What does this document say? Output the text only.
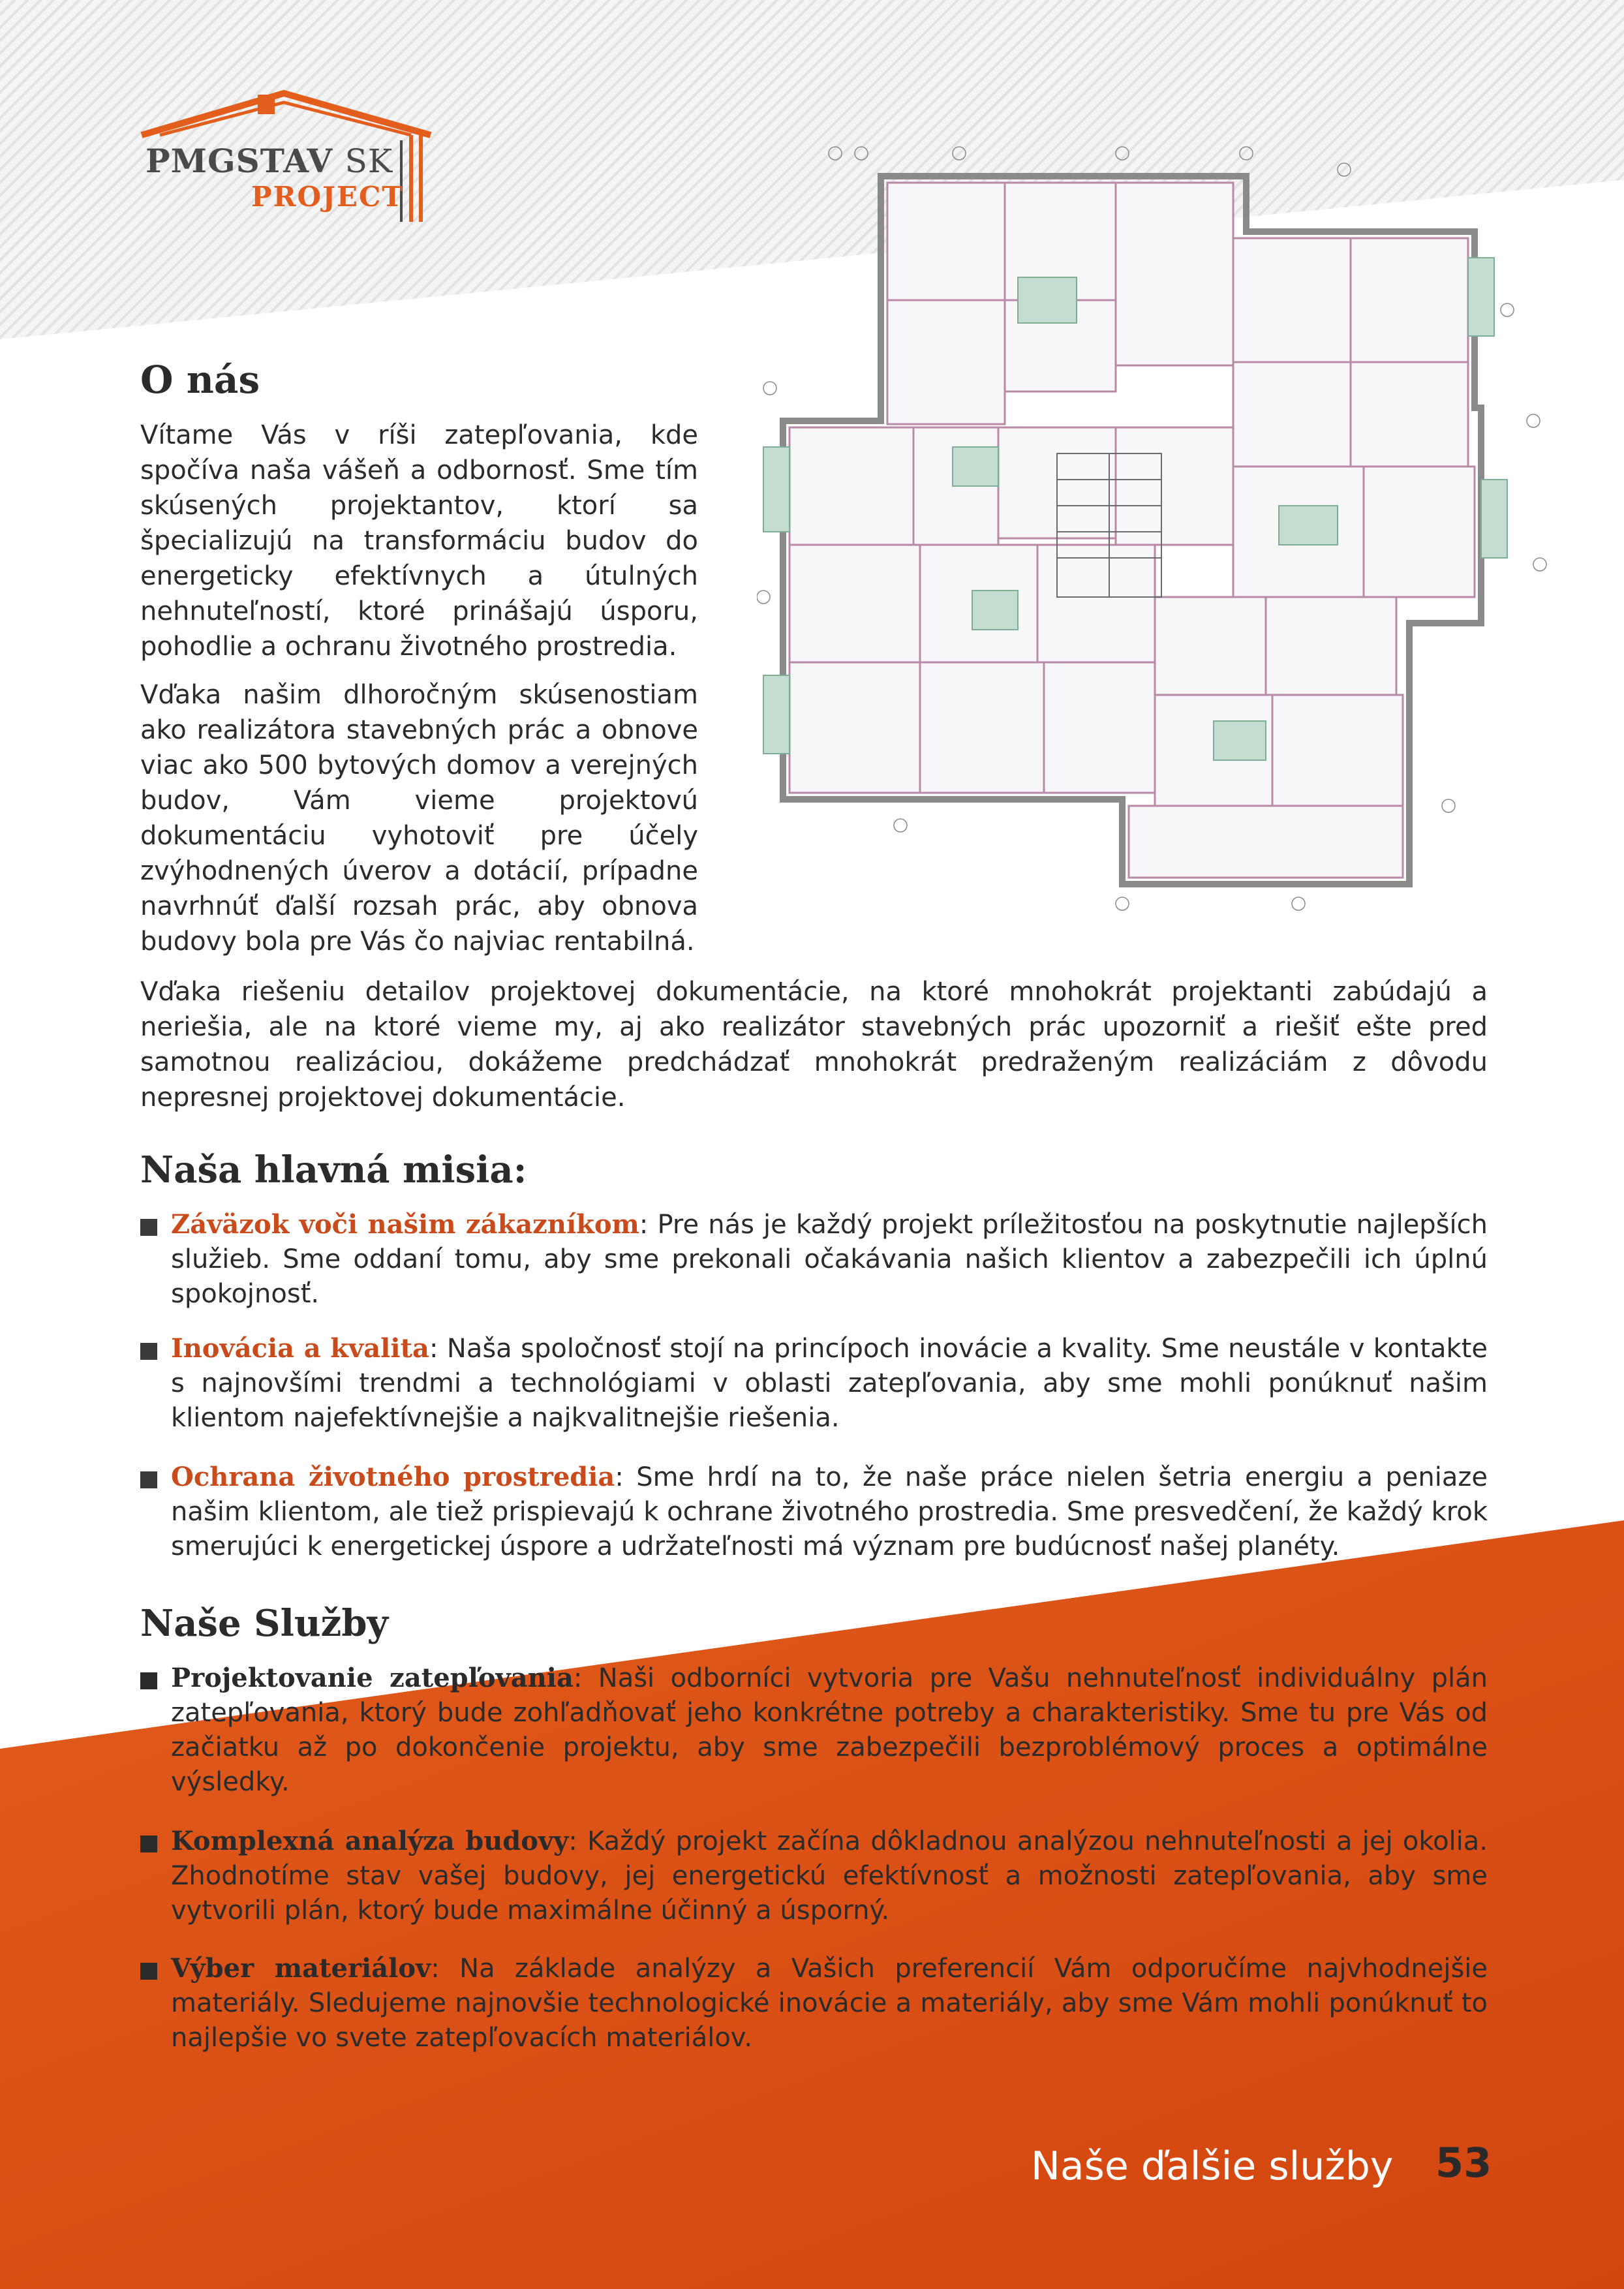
PMGSTAV SK
PROJECT
O nás

Vítame Vás v ríši zatepľovania, kde spočíva naša vášeň a odbornosť. Sme tím skúsených projektantov, ktorí sa špecializujú na transformáciu budov do energeticky efektívnych a útulných nehnuteľností, ktoré prinášajú úsporu, pohodlie a ochranu životného prostredia.

Vďaka našim dlhoročným skúsenostiam ako realizátora stavebných prác a obnove viac ako 500 bytových domov a verejných budov, Vám vieme projektovú dokumentáciu vyhotoviť pre účely zvýhodnených úverov a dotácií, prípadne navrhnúť ďalší rozsah prác, aby obnova budovy bola pre Vás čo najviac rentabilná.

Vďaka riešeniu detailov projektovej dokumentácie, na ktoré mnohokrát projektanti zabúdajú a neriešia, ale na ktoré vieme my, aj ako realizátor stavebných prác upozorniť a riešiť ešte pred samotnou realizáciou, dokážeme predchádzať mnohokrát predraženým realizáciám z dôvodu nepresnej projektovej dokumentácie.

Naša hlavná misia:
Záväzok voči našim zákazníkom: Pre nás je každý projekt príležitosťou na poskytnutie najlepších služieb. Sme oddaní tomu, aby sme prekonali očakávania našich klientov a zabezpečili ich úplnú spokojnosť.
Inovácia a kvalita: Naša spoločnosť stojí na princípoch inovácie a kvality. Sme neustále v kontakte s najnovšími trendmi a technológiami v oblasti zatepľovania, aby sme mohli ponúknuť našim klientom najefektívnejšie a najkvalitnejšie riešenia.
Ochrana životného prostredia: Sme hrdí na to, že naše práce nielen šetria energiu a peniaze našim klientom, ale tiež prispievajú k ochrane životného prostredia. Sme presvedčení, že každý krok smerujúci k energetickej úspore a udržateľnosti má význam pre budúcnosť našej planéty.
Naše Služby
Projektovanie zatepľovania: Naši odborníci vytvoria pre Vašu nehnuteľnosť individuálny plán zatepľovania, ktorý bude zohľadňovať jeho konkrétne potreby a charakteristiky. Sme tu pre Vás od začiatku až po dokončenie projektu, aby sme zabezpečili bezproblémový proces a optimálne výsledky.
Komplexná analýza budovy: Každý projekt začína dôkladnou analýzou nehnuteľnosti a jej okolia. Zhodnotíme stav vašej budovy, jej energetickú efektívnosť a možnosti zatepľovania, aby sme vytvorili plán, ktorý bude maximálne účinný a úsporný.
Výber materiálov: Na základe analýzy a Vašich preferencií Vám odporučíme najvhodnejšie materiály. Sledujeme najnovšie technologické inovácie a materiály, aby sme Vám mohli ponúknuť to najlepšie vo svete zatepľovacích materiálov.
Naše ďalšie služby 53
